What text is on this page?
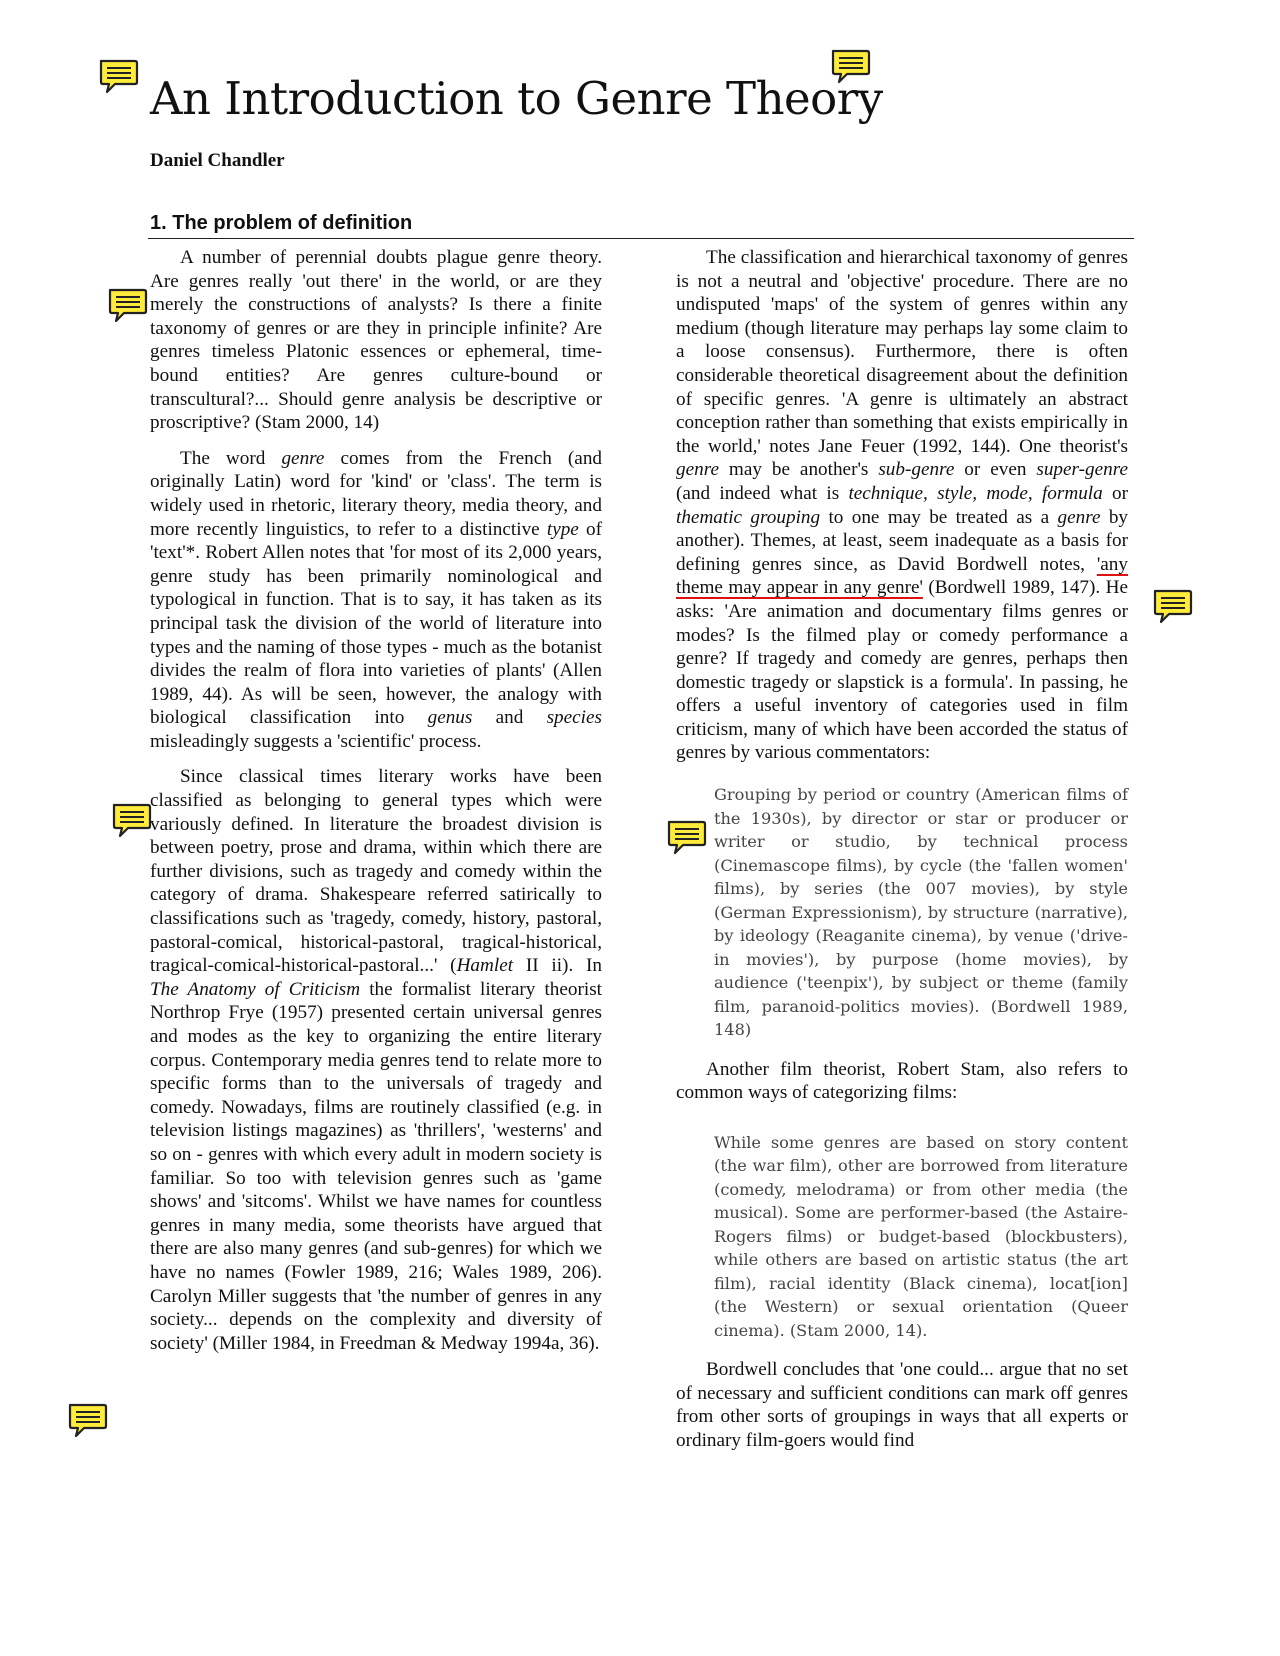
An Introduction to Genre Theory
Daniel Chandler
1. The problem of definition

A number of perennial doubts plague genre theory. Are genres really 'out there' in the world, or are they merely the constructions of analysts? Is there a finite taxonomy of genres or are they in principle infinite? Are genres timeless Platonic essences or ephemeral, time-bound entities? Are genres culture-bound or transcultural?... Should genre analysis be descriptive or proscriptive? (Stam 2000, 14)

The word genre comes from the French (and originally Latin) word for 'kind' or 'class'. The term is widely used in rhetoric, literary theory, media theory, and more recently linguistics, to refer to a distinctive type of 'text'*. Robert Allen notes that 'for most of its 2,000 years, genre study has been primarily nominological and typological in function. That is to say, it has taken as its principal task the division of the world of literature into types and the naming of those types - much as the botanist divides the realm of flora into varieties of plants' (Allen 1989, 44). As will be seen, however, the analogy with biological classification into genus and species misleadingly suggests a 'scientific' process.

Since classical times literary works have been classified as belonging to general types which were variously defined. In literature the broadest division is between poetry, prose and drama, within which there are further divisions, such as tragedy and comedy within the category of drama. Shakespeare referred satirically to classifications such as 'tragedy, comedy, history, pastoral, pastoral-comical, historical-pastoral, tragical-historical, tragical-comical-historical-pastoral...' (Hamlet II ii). In The Anatomy of Criticism the formalist literary theorist Northrop Frye (1957) presented certain universal genres and modes as the key to organizing the entire literary corpus. Contemporary media genres tend to relate more to specific forms than to the universals of tragedy and comedy. Nowadays, films are routinely classified (e.g. in television listings magazines) as 'thrillers', 'westerns' and so on - genres with which every adult in modern society is familiar. So too with television genres such as 'game shows' and 'sitcoms'. Whilst we have names for countless genres in many media, some theorists have argued that there are also many genres (and sub-genres) for which we have no names (Fowler 1989, 216; Wales 1989, 206). Carolyn Miller suggests that 'the number of genres in any society... depends on the complexity and diversity of society' (Miller 1984, in Freedman & Medway 1994a, 36).

The classification and hierarchical taxonomy of genres is not a neutral and 'objective' procedure. There are no undisputed 'maps' of the system of genres within any medium (though literature may perhaps lay some claim to a loose consensus). Furthermore, there is often considerable theoretical disagreement about the definition of specific genres. 'A genre is ultimately an abstract conception rather than something that exists empirically in the world,' notes Jane Feuer (1992, 144). One theorist's genre may be another's sub-genre or even super-genre (and indeed what is technique, style, mode, formula or thematic grouping to one may be treated as a genre by another). Themes, at least, seem inadequate as a basis for defining genres since, as David Bordwell notes, 'any theme may appear in any genre' (Bordwell 1989, 147). He asks: 'Are animation and documentary films genres or modes? Is the filmed play or comedy performance a genre? If tragedy and comedy are genres, perhaps then domestic tragedy or slapstick is a formula'. In passing, he offers a useful inventory of categories used in film criticism, many of which have been accorded the status of genres by various commentators:

Grouping by period or country (American films of the 1930s), by director or star or producer or writer or studio, by technical process (Cinemascope films), by cycle (the 'fallen women' films), by series (the 007 movies), by style (German Expressionism), by structure (narrative), by ideology (Reaganite cinema), by venue ('drive-in movies'), by purpose (home movies), by audience ('teenpix'), by subject or theme (family film, paranoid-politics movies). (Bordwell 1989, 148)

Another film theorist, Robert Stam, also refers to common ways of categorizing films:

While some genres are based on story content (the war film), other are borrowed from literature (comedy, melodrama) or from other media (the musical). Some are performer-based (the Astaire-Rogers films) or budget-based (blockbusters), while others are based on artistic status (the art film), racial identity (Black cinema), locat[ion] (the Western) or sexual orientation (Queer cinema). (Stam 2000, 14).

Bordwell concludes that 'one could... argue that no set of necessary and sufficient conditions can mark off genres from other sorts of groupings in ways that all experts or ordinary film-goers would find
